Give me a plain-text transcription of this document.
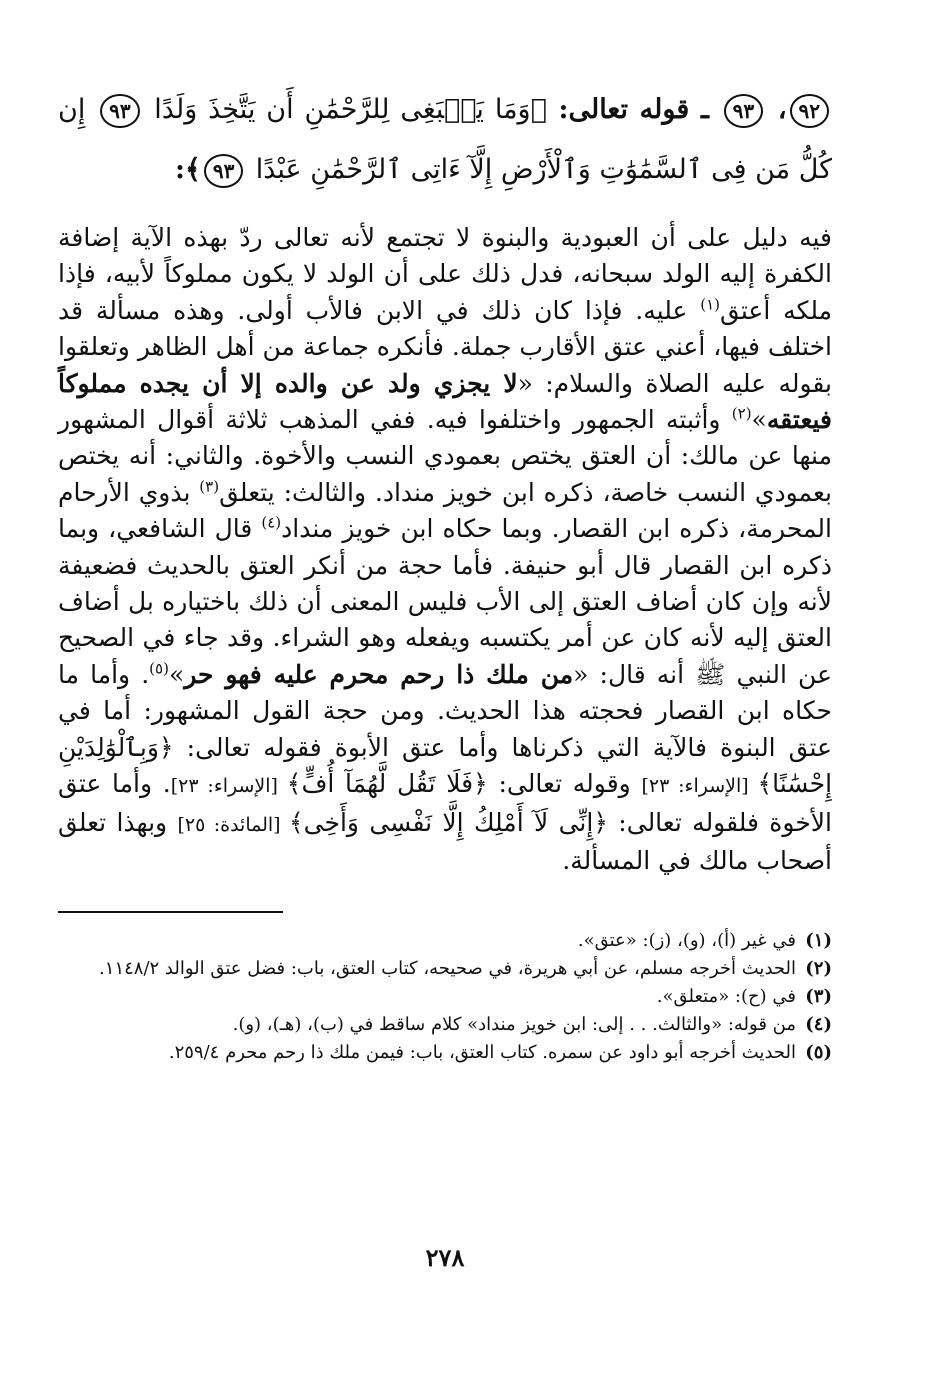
٩٢، ٩٣ ـ قوله تعالى: ﴿وَمَا يَنۢبَغِى لِلرَّحْمَٰنِ أَن يَتَّخِذَ وَلَدًا ٩٣ إِن كُلُّ مَن فِى ٱلسَّمَٰوَٰتِ وَٱلْأَرْضِ إِلَّآ ءَاتِى ٱلرَّحْمَٰنِ عَبْدًا ٩٣﴾:

فيه دليل على أن العبودية والبنوة لا تجتمع لأنه تعالى ردّ بهذه الآية إضافة الكفرة إليه الولد سبحانه، فدل ذلك على أن الولد لا يكون مملوكاً لأبيه، فإذا ملكه أعتق$^{(١)}$ عليه. فإذا كان ذلك في الابن فالأب أولى. وهذه مسألة قد اختلف فيها، أعني عتق الأقارب جملة. فأنكره جماعة من أهل الظاهر وتعلقوا بقوله عليه الصلاة والسلام: «لا يجزي ولد عن والده إلا أن يجده مملوكاً فيعتقه»$^{(٢)}$ وأثبته الجمهور واختلفوا فيه. ففي المذهب ثلاثة أقوال المشهور منها عن مالك: أن العتق يختص بعمودي النسب والأخوة. والثاني: أنه يختص بعمودي النسب خاصة، ذكره ابن خويز منداد. والثالث: يتعلق$^{(٣)}$ بذوي الأرحام المحرمة، ذكره ابن القصار. وبما حكاه ابن خويز منداد$^{(٤)}$ قال الشافعي، وبما ذكره ابن القصار قال أبو حنيفة. فأما حجة من أنكر العتق بالحديث فضعيفة لأنه وإن كان أضاف العتق إلى الأب فليس المعنى أن ذلك باختياره بل أضاف العتق إليه لأنه كان عن أمر يكتسبه ويفعله وهو الشراء. وقد جاء في الصحيح عن النبي ﷺ أنه قال: «من ملك ذا رحم محرم عليه فهو حر»$^{(٥)}$. وأما ما حكاه ابن القصار فحجته هذا الحديث. ومن حجة القول المشهور: أما في عتق البنوة فالآية التي ذكرناها وأما عتق الأبوة فقوله تعالى: ﴿وَبِٱلْوَٰلِدَيْنِ إِحْسَٰنًا﴾ [الإسراء: ٢٣] وقوله تعالى: ﴿فَلَا تَقُل لَّهُمَآ أُفٍّ﴾ [الإسراء: ٢٣]. وأما عتق الأخوة فلقوله تعالى: ﴿إِنِّى لَآ أَمْلِكُ إِلَّا نَفْسِى وَأَخِى﴾ [المائدة: ٢٥] وبهذا تعلق أصحاب مالك في المسألة.

(١)
في غير (أ)، (و)، (ز): «عتق».
(٢)
الحديث أخرجه مسلم، عن أبي هريرة، في صحيحه، كتاب العتق، باب: فضل عتق الوالد ١١٤٨/٢.
(٣)
في (ح): «متعلق».
(٤)
من قوله: «والثالث. . . إلى: ابن خويز منداد» كلام ساقط في (ب)، (هـ)، (و).
(٥)
الحديث أخرجه أبو داود عن سمره. كتاب العتق، باب: فيمن ملك ذا رحم محرم ٢٥٩/٤.
٢٧٨
